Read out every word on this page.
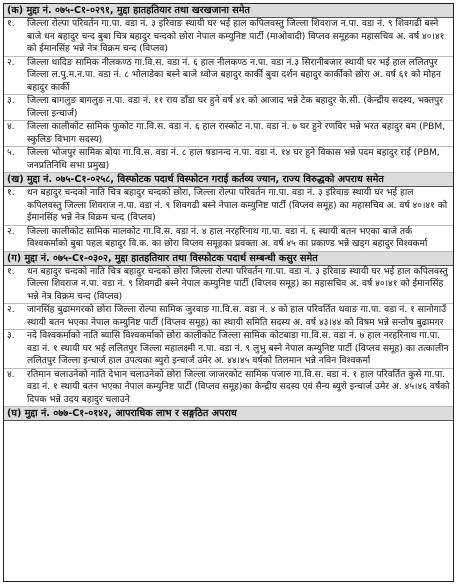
(क) मुद्दा नं. ०७५-C१-०२९१, मुद्दा हातहतियार तथा खरखजाना समेत
१.	जिल्ला रोल्पा परिवर्तन गा.पा. वडा नं. ३ इरिवाङ स्थायी घर भई हाल कपिलवस्तु जिल्ला शिवराज न.पा. वडा नं. ९ शिवगढी बस्ने बाजे धन बहादुर चन्द बुबा चित्र बहादुर चन्दको छोरा नेपाल कम्युनिष्ट पार्टी (माओवादी) विप्लव समूहका महासचिव अ. वर्ष ४०।४१ को ईमानसिंह भन्ने नेत्र विक्रम चन्द (विप्लव)
२.	जिल्ला धादिङ सामिक नीलकण्ठ गा.वि.स. वडा नं. ६ हाल नीलकण्ठ न.पा. वडा नं.३ सिरानीबजार स्थायी घर भई हाल ललितपुर जिल्ला ल.पु.म.न.पा. वडा नं. ८ भोलाडेका बस्ने बाजे ध्वोज बहादुर कार्की बुवा दर्शन बहादुर कार्कीको छोरा अ. वर्ष ६१ को मोहन बहादुर कार्की
३.	जिल्ला बागलुङ बागलुङ न.पा. वडा नं. ११ राय डाँडा घर हुने वर्ष ४१ को आजाद भन्ने टेक बहादुर के.सी. (केन्द्रीय सदस्य, भक्तपुर जिल्ला इन्चार्ज)
४.	जिल्ला कालीकोट सामिक फुकोट गा.वि.स. वडा नं. ६ हाल रास्कोट न.पा. वडा नं. ७ घर हुने रणविर भन्ने भरत बहादुर बम (PBM, स्कुलिङ विभाग सदस्य)
५.	जिल्ला भोजपुर सामिक बोया गा.वि.स. वडा नं. ८ हाल षडानन्द न.पा. वडा नं. १४ घर हुने विकास भन्ने पदम बहादुर राई (PBM, जनप्रतिनिधि सभा प्रमुख)
(ख) मुद्दा नं. ०७५-C१-०२५८, विस्फोटक पदार्थ विस्फोटन गराई कर्तव्य ज्यान, राज्य विरुद्धको अपराध समेत
१.	धन बहादुर चन्दको नाति चित्र बहादुर चन्दको छोरा, जिल्ला रोल्पा परिवर्तन गा.पा. वडा नं. ३ इरिवाङ स्थायी घर भई हाल कपिलवस्तु जिल्ला शिवराज न.पा. वडा नं. ९ शिवगढी बस्ने नेपाल कम्युनिष्ट पार्टी (विप्लव समूह) का महासचिव अ. वर्ष ४०।४१ को ईमानसिंह भन्ने नेत्र विक्रम चन्द (विप्लव)
२.	जिल्ला कालीकोट सामिक मालकोट गा.वि.स. वडा नं. ४ हाल नरहरिनाथ गा.पा. वडा नं. ६ स्थायी बतन भएका बाजे तर्क विश्वकर्माको बुबा पहल बहादुर वि.क. का छोरा विप्लव समूहका प्रवक्ता अ. वर्ष ४५ का प्रकाण्ड भन्ने खड्ग बहादुर विश्वकर्मा
(ग) मुद्दा नं. ०७५-C१-०३०२, मुद्दा हातहतियार तथा विस्फोटक पदार्थ सम्बन्धी कसुर समेत
१.	धन बहादुर चन्दको नाति चित्र बहादुर चन्दको छोरा जिल्ला रोल्पा परिवर्तन गा.पा. वडा नं. ३ इरिवाङ स्थायी घर भई हाल कपिलवस्तु जिल्ला शिवराज न.पा. वडा नं. ९ शिवगढी बस्ने नेपाल कम्युनिष्ट पार्टी (विप्लव समूह) का महासचिव अ. वर्ष ४०।४१ को ईमानसिंह भन्ने नेत्र विक्रम चन्द (विप्लव)
२.	जानसिंह बुढामगरको छोरा जिल्ला रोल्पा सामिक जुरवाङ गा.वि.स. वडा नं. ४ को हाल परिवर्तित थवाङ गा.पा. वडा नं. १ सानोगाउँ स्थायी बतन भएका नेपाल कम्युनिष्ट पार्टी (विप्लव समूह) का स्थायी समिति सदस्य अ. वर्ष ४३।४४ को विषम भन्ने सन्तोष बुढामगर
३.	नदे विश्वकर्माको नाति ब्यासि विश्वकर्माको छोरा कालीकोट जिल्ला सामिक कोटबाडा गा.वि.स. वडा नं. ७ हाल नरहरिनाथ गा.पा. वडा नं. १ स्थायी घर भई ललितपुर जिल्ला महालक्ष्मी न.पा. वडा नं. ९ लुभु बस्ने नेपाल कम्युनिष्ट पार्टी (विप्लव समूह) का तत्कालीन ललितपुर जिल्ला इन्चार्ज हाल उपत्यका ब्युरो इन्चार्ज उमेर अ. ४४।४५ वर्षको तिलमान भन्ने नविन विश्वकर्मा
४.	रतिमान चलाउनेको नाति देभान चलाउनेको छोरा जिल्ला जाजरकोट सामिक पजारु गा.वि.स. वडा नं. १ हाल परिवर्तित कुसे गा.पा. वडा नं. १ स्थायी बतन भएका नेपाल कम्युनिष्ट पार्टी (विप्लव समूह)का केन्द्रीय सदस्य एवं सैन्य ब्युरो इन्चार्ज उमेर अ. ४५।४६ वर्षको दिपक भन्ने उदय बहादुर चलाउने
(घ) मुद्दा नं. ०७७-C१-०१४२, आपराधिक लाभ र सङ्गठित अपराध
